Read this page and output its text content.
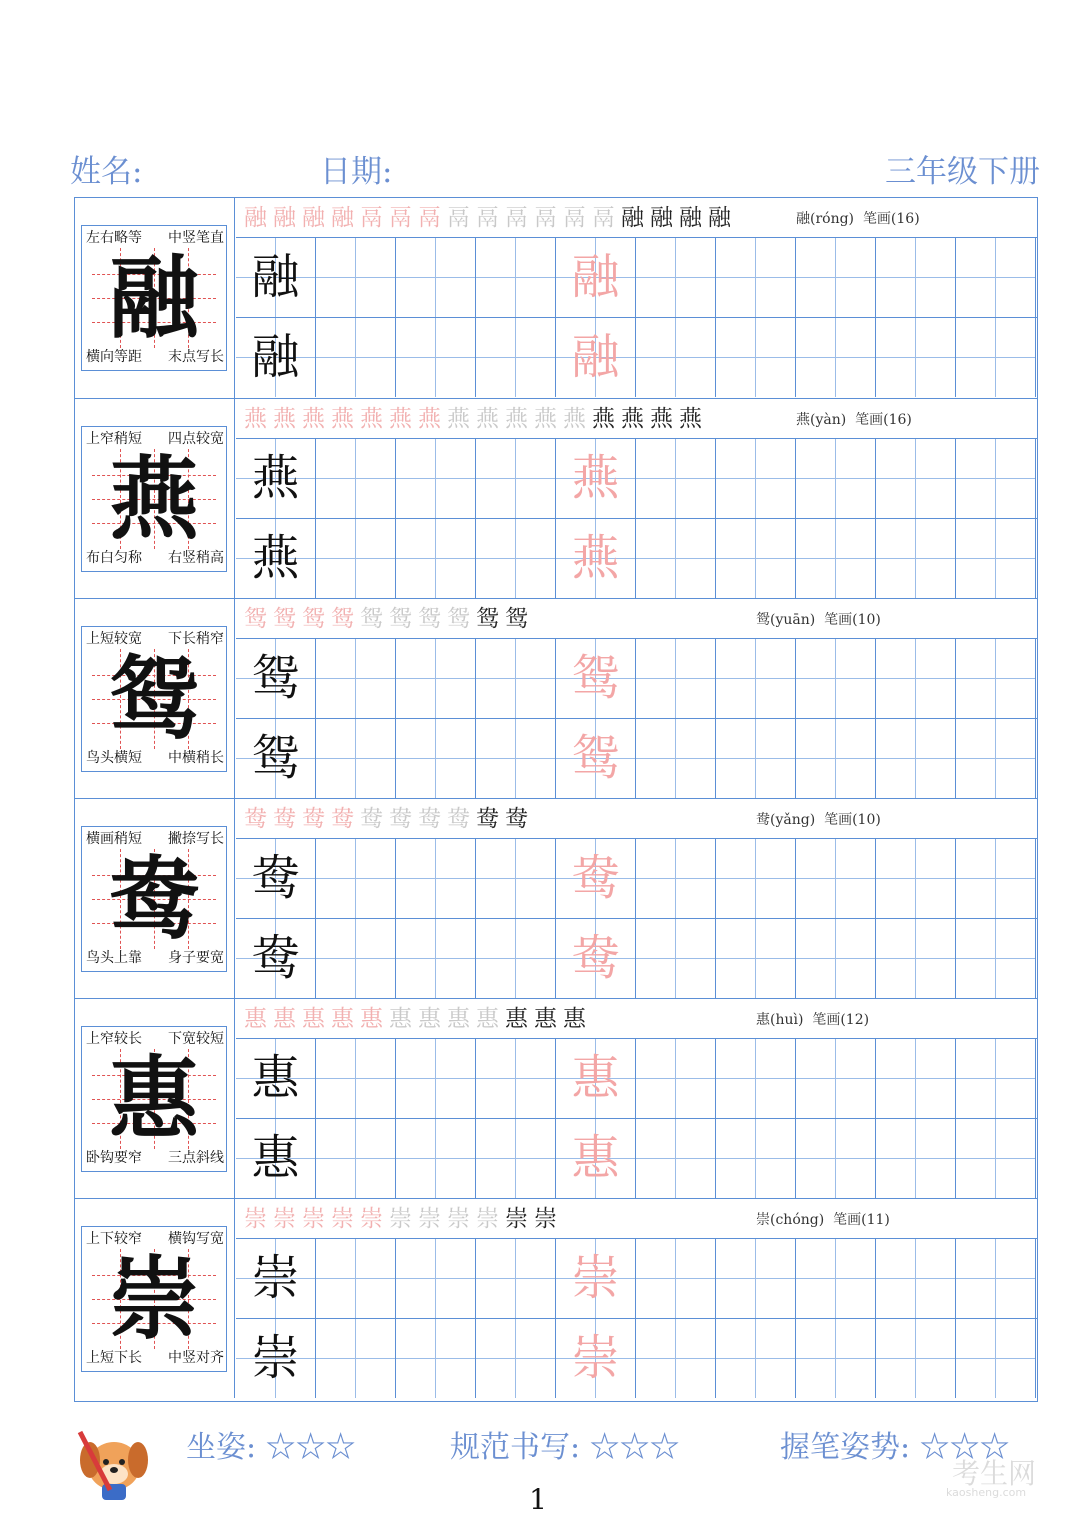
姓名:	日期:	三年级下册
融
左右略等 中竖笔直
横向等距 末点写长
融融融融鬲鬲鬲鬲鬲鬲鬲鬲鬲融融融融	融(róng) 笔画(16)
融	融
融	融
燕
上窄稍短 四点较宽
布白匀称 右竖稍高
燕燕燕燕燕燕燕燕燕燕燕燕燕燕燕燕	燕(yàn) 笔画(16)
燕	燕
燕	燕
鸳
上短较宽 下长稍窄
鸟头横短 中横稍长
鸳鸳鸳鸳鸳鸳鸳鸳鸳鸳	鸳(yuān) 笔画(10)
鸳	鸳
鸳	鸳
鸯
横画稍短 撇捺写长
鸟头上靠 身子要宽
鸯鸯鸯鸯鸯鸯鸯鸯鸯鸯	鸯(yǎng) 笔画(10)
鸯	鸯
鸯	鸯
惠
上窄较长 下宽较短
卧钩要窄 三点斜线
惠惠惠惠惠惠惠惠惠惠惠惠	惠(huì) 笔画(12)
惠	惠
惠	惠
崇
上下较窄 横钩写宽
上短下长 中竖对齐
崇崇崇崇崇崇崇崇崇崇崇	崇(chóng) 笔画(11)
崇	崇
崇	崇
坐姿: ☆☆☆	规范书写: ☆☆☆	握笔姿势: ☆☆☆
考生网
kaosheng.com
1
